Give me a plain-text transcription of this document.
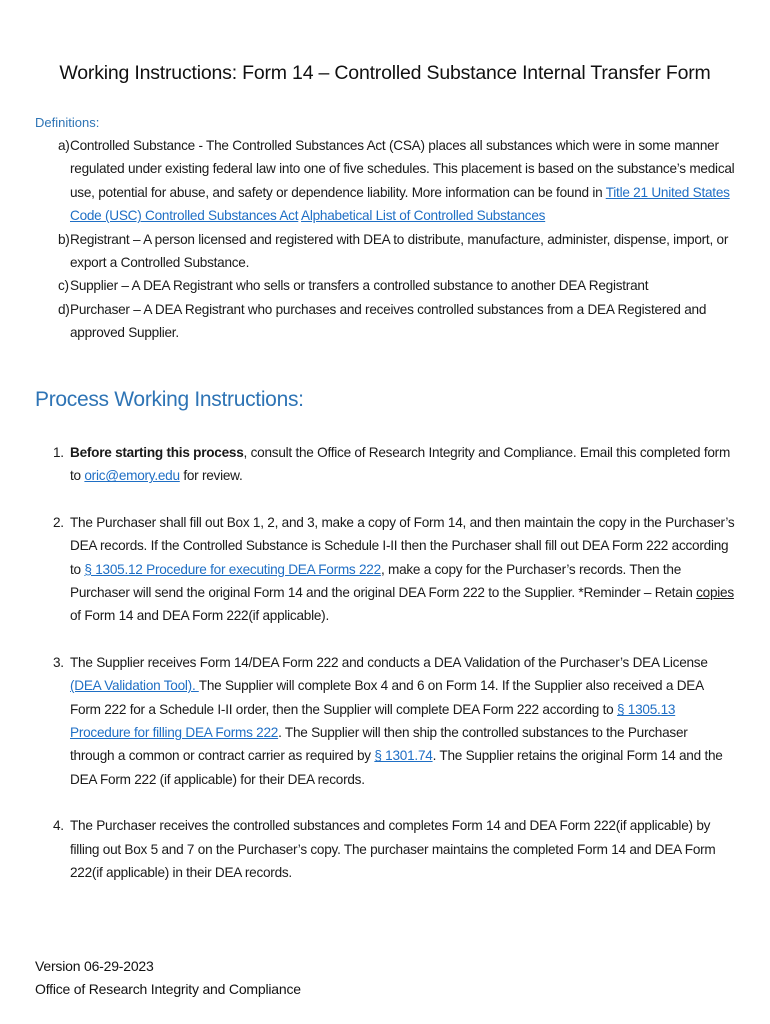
Working Instructions: Form 14 – Controlled Substance Internal Transfer Form
Definitions:
a) Controlled Substance - The Controlled Substances Act (CSA) places all substances which were in some manner regulated under existing federal law into one of five schedules. This placement is based on the substance’s medical use, potential for abuse, and safety or dependence liability. More information can be found in Title 21 United States Code (USC) Controlled Substances Act Alphabetical List of Controlled Substances
b) Registrant – A person licensed and registered with DEA to distribute, manufacture, administer, dispense, import, or export a Controlled Substance.
c) Supplier – A DEA Registrant who sells or transfers a controlled substance to another DEA Registrant
d) Purchaser – A DEA Registrant who purchases and receives controlled substances from a DEA Registered and approved Supplier.
Process Working Instructions:
1. Before starting this process, consult the Office of Research Integrity and Compliance. Email this completed form to oric@emory.edu for review.
2. The Purchaser shall fill out Box 1, 2, and 3, make a copy of Form 14, and then maintain the copy in the Purchaser’s DEA records. If the Controlled Substance is Schedule I-II then the Purchaser shall fill out DEA Form 222 according to § 1305.12 Procedure for executing DEA Forms 222, make a copy for the Purchaser’s records. Then the Purchaser will send the original Form 14 and the original DEA Form 222 to the Supplier. *Reminder – Retain copies of Form 14 and DEA Form 222(if applicable).
3. The Supplier receives Form 14/DEA Form 222 and conducts a DEA Validation of the Purchaser’s DEA License (DEA Validation Tool). The Supplier will complete Box 4 and 6 on Form 14. If the Supplier also received a DEA Form 222 for a Schedule I-II order, then the Supplier will complete DEA Form 222 according to § 1305.13 Procedure for filling DEA Forms 222. The Supplier will then ship the controlled substances to the Purchaser through a common or contract carrier as required by § 1301.74. The Supplier retains the original Form 14 and the DEA Form 222 (if applicable) for their DEA records.
4. The Purchaser receives the controlled substances and completes Form 14 and DEA Form 222(if applicable) by filling out Box 5 and 7 on the Purchaser’s copy. The purchaser maintains the completed Form 14 and DEA Form 222(if applicable) in their DEA records.
Version 06-29-2023
Office of Research Integrity and Compliance
